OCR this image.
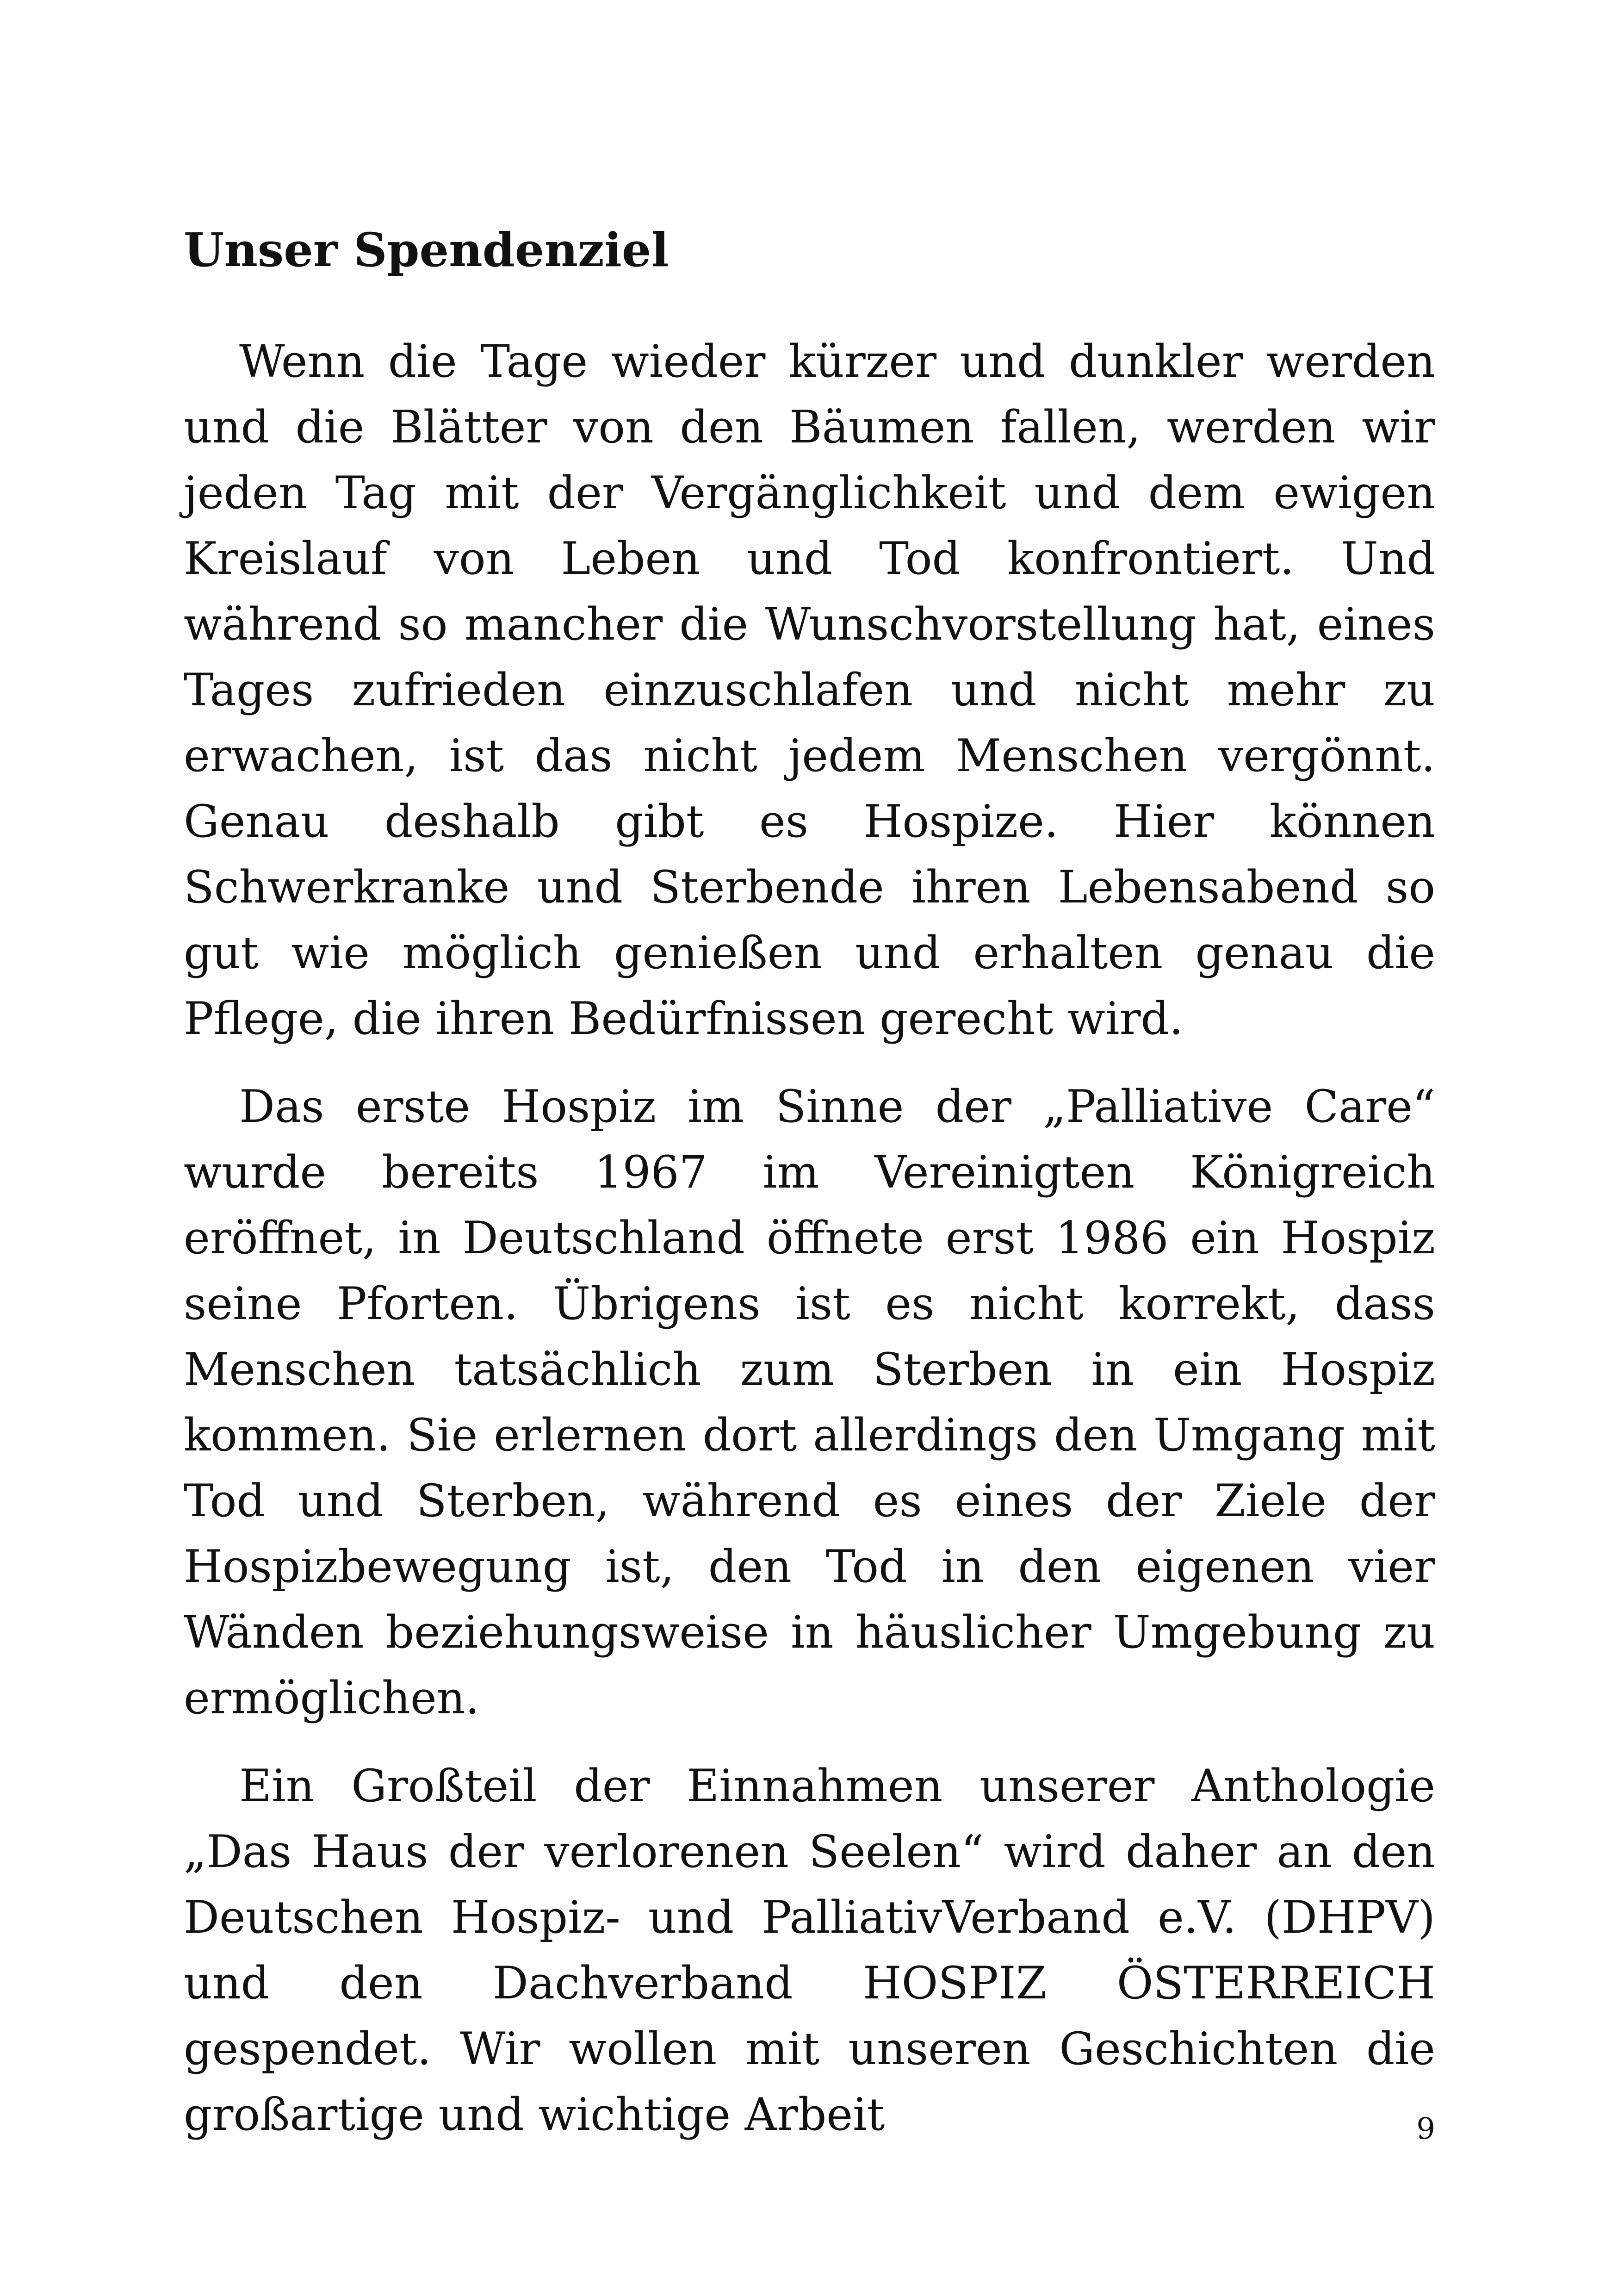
Unser Spendenziel

Wenn die Tage wieder kürzer und dunkler werden und die Blätter von den Bäumen fallen, werden wir jeden Tag mit der Vergänglichkeit und dem ewigen Kreislauf von Leben und Tod konfrontiert. Und während so mancher die Wunschvorstellung hat, eines Tages zufrieden einzuschlafen und nicht mehr zu erwachen, ist das nicht jedem Menschen vergönnt. Genau deshalb gibt es Hospize. Hier können Schwerkranke und Sterbende ihren Lebensabend so gut wie möglich genießen und erhalten genau die Pflege, die ihren Bedürfnissen gerecht wird.

Das erste Hospiz im Sinne der „Palliative Care“ wurde bereits 1967 im Vereinigten Königreich eröffnet, in Deutschland öffnete erst 1986 ein Hospiz seine Pforten. Übrigens ist es nicht korrekt, dass Menschen tatsächlich zum Sterben in ein Hospiz kommen. Sie erlernen dort allerdings den Umgang mit Tod und Sterben, während es eines der Ziele der Hospizbewegung ist, den Tod in den eigenen vier Wänden beziehungsweise in häuslicher Umgebung zu ermöglichen.

Ein Großteil der Einnahmen unserer Anthologie „Das Haus der verlorenen Seelen“ wird daher an den Deutschen Hospiz- und PalliativVerband e.V. (DHPV) und den Dachverband HOSPIZ ÖSTERREICH gespendet. Wir wollen mit unseren Geschichten die großartige und wichtige Arbeit	9
